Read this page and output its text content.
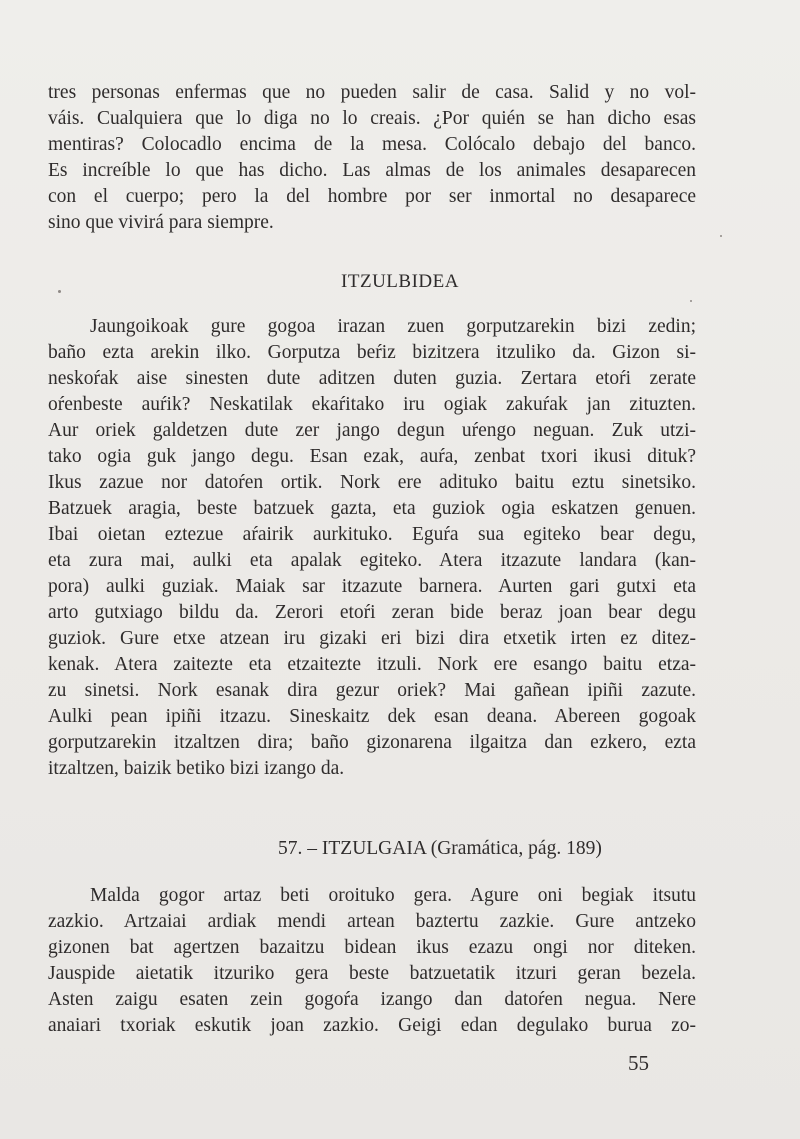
tres personas enfermas que no pueden salir de casa. Salid y no vol-
váis. Cualquiera que lo diga no lo creais. ¿Por quién se han dicho esas
mentiras? Colocadlo encima de la mesa. Colócalo debajo del banco.
Es increíble lo que has dicho. Las almas de los animales desaparecen
con el cuerpo; pero la del hombre por ser inmortal no desaparece
sino que vivirá para siempre.
ITZULBIDEA
Jaungoikoak gure gogoa irazan zuen gorputzarekin bizi zedin;
baño ezta arekin ilko. Gorputza beŕiz bizitzera itzuliko da. Gizon si-
neskoŕak aise sinesten dute aditzen duten guzia. Zertara etoŕi zerate
oŕenbeste auŕik? Neskatilak ekaŕitako iru ogiak zakuŕak jan zituzten.
Aur oriek galdetzen dute zer jango degun uŕengo neguan. Zuk utzi-
tako ogia guk jango degu. Esan ezak, auŕa, zenbat txori ikusi dituk?
Ikus zazue nor datoŕen ortik. Nork ere adituko baitu eztu sinetsiko.
Batzuek aragia, beste batzuek gazta, eta guziok ogia eskatzen genuen.
Ibai oietan eztezue aŕairik aurkituko. Eguŕa sua egiteko bear degu,
eta zura mai, aulki eta apalak egiteko. Atera itzazute landara (kan-
pora) aulki guziak. Maiak sar itzazute barnera. Aurten gari gutxi eta
arto gutxiago bildu da. Zerori etoŕi zeran bide beraz joan bear degu
guziok. Gure etxe atzean iru gizaki eri bizi dira etxetik irten ez ditez-
kenak. Atera zaitezte eta etzaitezte itzuli. Nork ere esango baitu etza-
zu sinetsi. Nork esanak dira gezur oriek? Mai gañean ipiñi zazute.
Aulki pean ipiñi itzazu. Sineskaitz dek esan deana. Abereen gogoak
gorputzarekin itzaltzen dira; baño gizonarena ilgaitza dan ezkero, ezta
itzaltzen, baizik betiko bizi izango da.
57. – ITZULGAIA (Gramática, pág. 189)
Malda gogor artaz beti oroituko gera. Agure oni begiak itsutu
zazkio. Artzaiai ardiak mendi artean baztertu zazkie. Gure antzeko
gizonen bat agertzen bazaitzu bidean ikus ezazu ongi nor diteken.
Jauspide aietatik itzuriko gera beste batzuetatik itzuri geran bezela.
Asten zaigu esaten zein gogoŕa izango dan datoŕen negua. Nere
anaiari txoriak eskutik joan zazkio. Geigi edan degulako burua zo-
55
